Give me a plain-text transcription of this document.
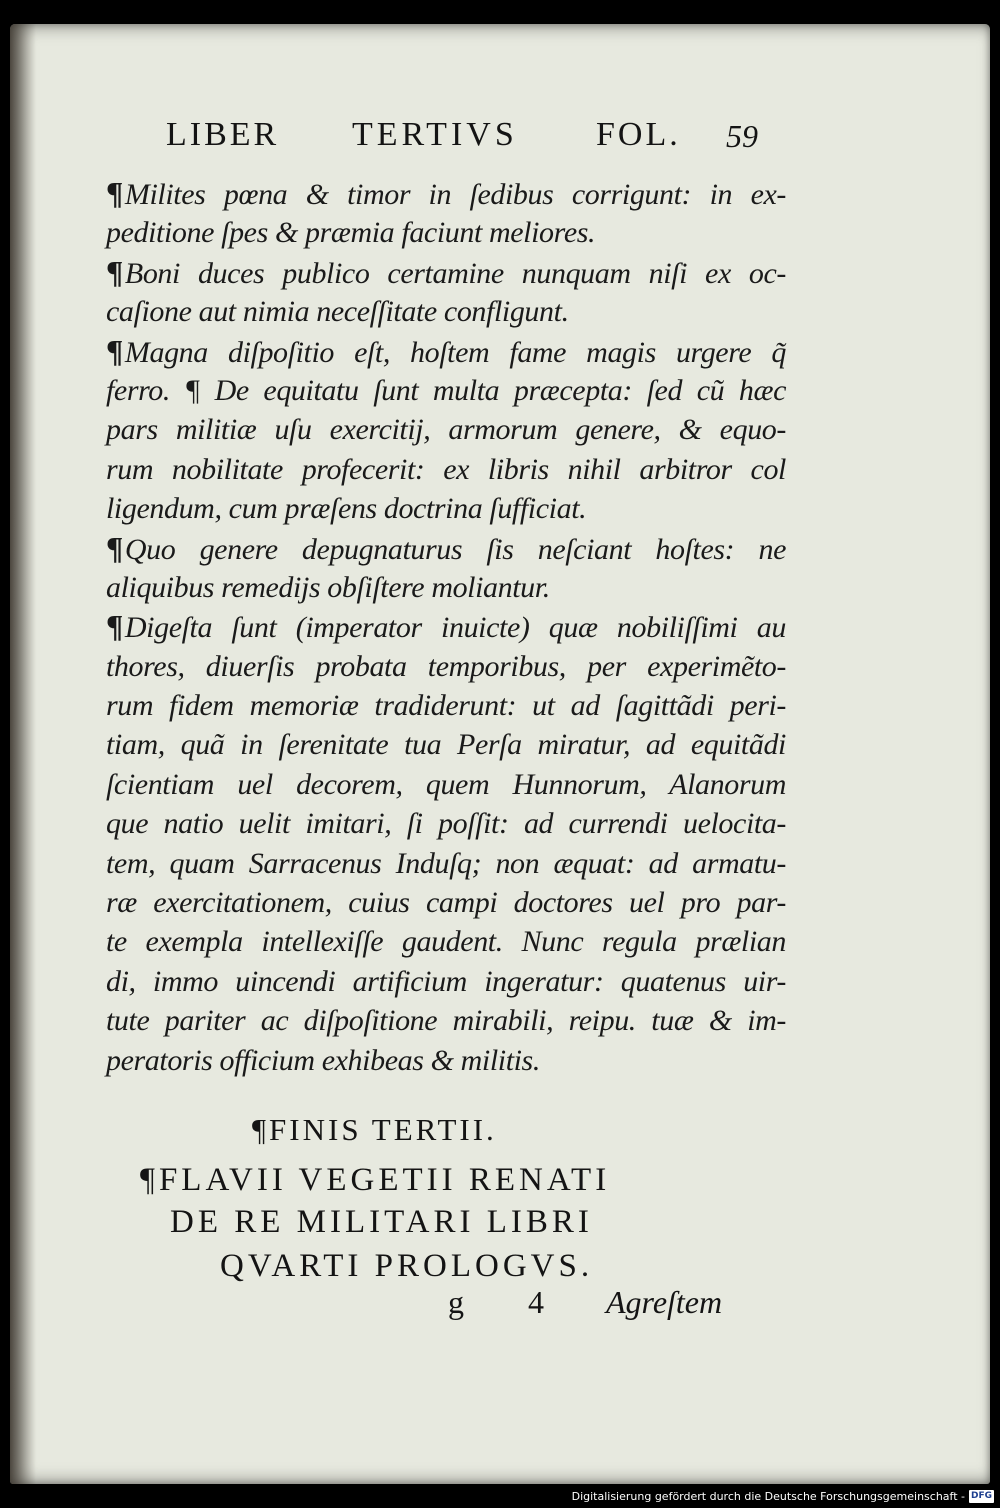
LIBER TERTIVS FOL. 59
¶Milites pœna & timor in ſedibus corrigunt: in ex-
peditione ſpes & præmia faciunt meliores.
¶Boni duces publico certamine nunquam niſi ex oc-
caſione aut nimia neceſſitate confligunt.
¶Magna diſpoſitio eſt, hoſtem fame magis urgere q̃
ferro. ¶ De equitatu ſunt multa præcepta: ſed cũ hæc
pars militiæ uſu exercitij, armorum genere, & equo-
rum nobilitate profecerit: ex libris nihil arbitror col
ligendum, cum præſens doctrina ſufficiat.
¶Quo genere depugnaturus ſis neſciant hoſtes: ne
aliquibus remedijs obſiſtere moliantur.
¶Digeſta ſunt (imperator inuicte) quæ nobiliſſimi au
thores, diuerſis probata temporibus, per experimẽto-
rum fidem memoriæ tradiderunt: ut ad ſagittãdi peri-
tiam, quã in ſerenitate tua Perſa miratur, ad equitãdi
ſcientiam uel decorem, quem Hunnorum, Alanorum
que natio uelit imitari, ſi poſſit: ad currendi uelocita-
tem, quam Sarracenus Induſq; non æquat: ad armatu-
ræ exercitationem, cuius campi doctores uel pro par-
te exempla intellexiſſe gaudent. Nunc regula prælian
di, immo uincendi artificium ingeratur: quatenus uir-
tute pariter ac diſpoſitione mirabili, reipu. tuæ & im-
peratoris officium exhibeas & militis.
¶FINIS TERTII.
¶FLAVII VEGETII RENATI
DE RE MILITARI LIBRI
QVARTI PROLOGVS.
g 4 Agreſtem
Digitalisierung gefördert durch die Deutsche Forschungsgemeinschaft - DFG
